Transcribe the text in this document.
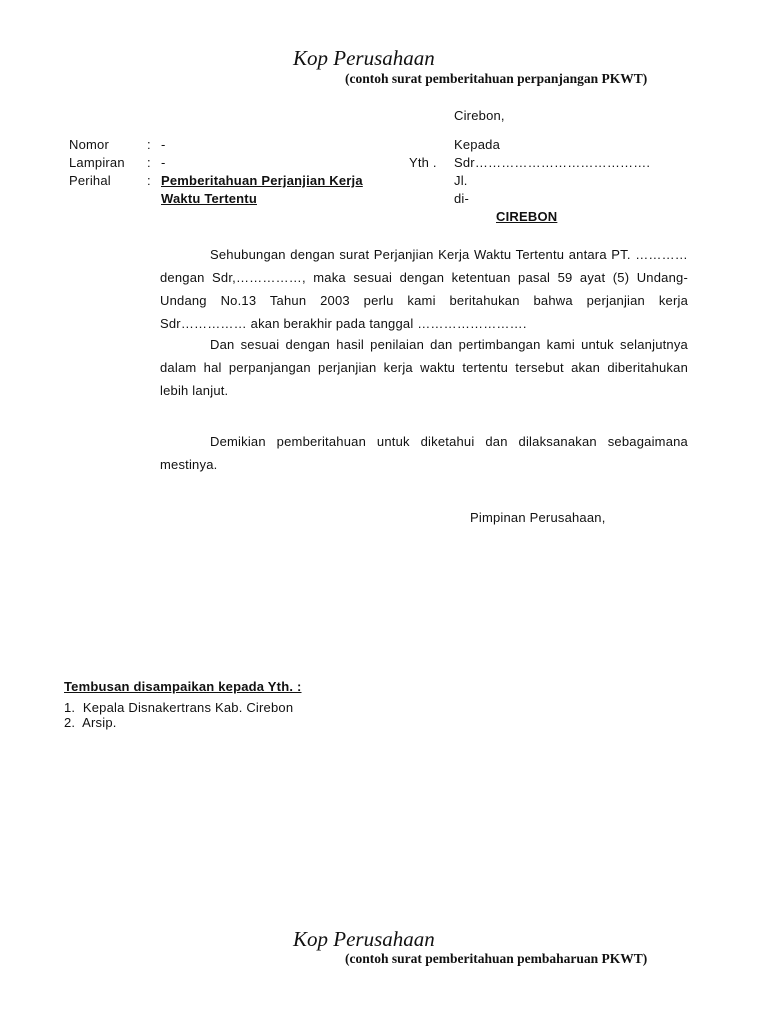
Kop Perusahaan
(contoh surat pemberitahuan perpanjangan PKWT)
Cirebon,
Nomor	: -
Lampiran : -
Perihal	: Pemberitahuan Perjanjian Kerja
Waktu Tertentu
Yth .
Kepada
Sdr………………………………….
Jl.
di-
CIREBON
Sehubungan dengan surat Perjanjian Kerja Waktu Tertentu antara PT. ………… dengan Sdr,……………, maka sesuai dengan ketentuan pasal 59 ayat (5) Undang-Undang No.13 Tahun 2003 perlu kami beritahukan bahwa perjanjian kerja Sdr…………… akan berakhir pada tanggal …………………….
Dan sesuai dengan hasil penilaian dan pertimbangan kami untuk selanjutnya dalam hal perpanjangan perjanjian kerja waktu tertentu tersebut akan diberitahukan lebih lanjut.
Demikian pemberitahuan untuk diketahui dan dilaksanakan sebagaimana mestinya.
Pimpinan Perusahaan,
Tembusan disampaikan kepada Yth. :
1.  Kepala Disnakertrans Kab. Cirebon
2.  Arsip.
Kop Perusahaan
(contoh surat pemberitahuan pembaharuan PKWT)
